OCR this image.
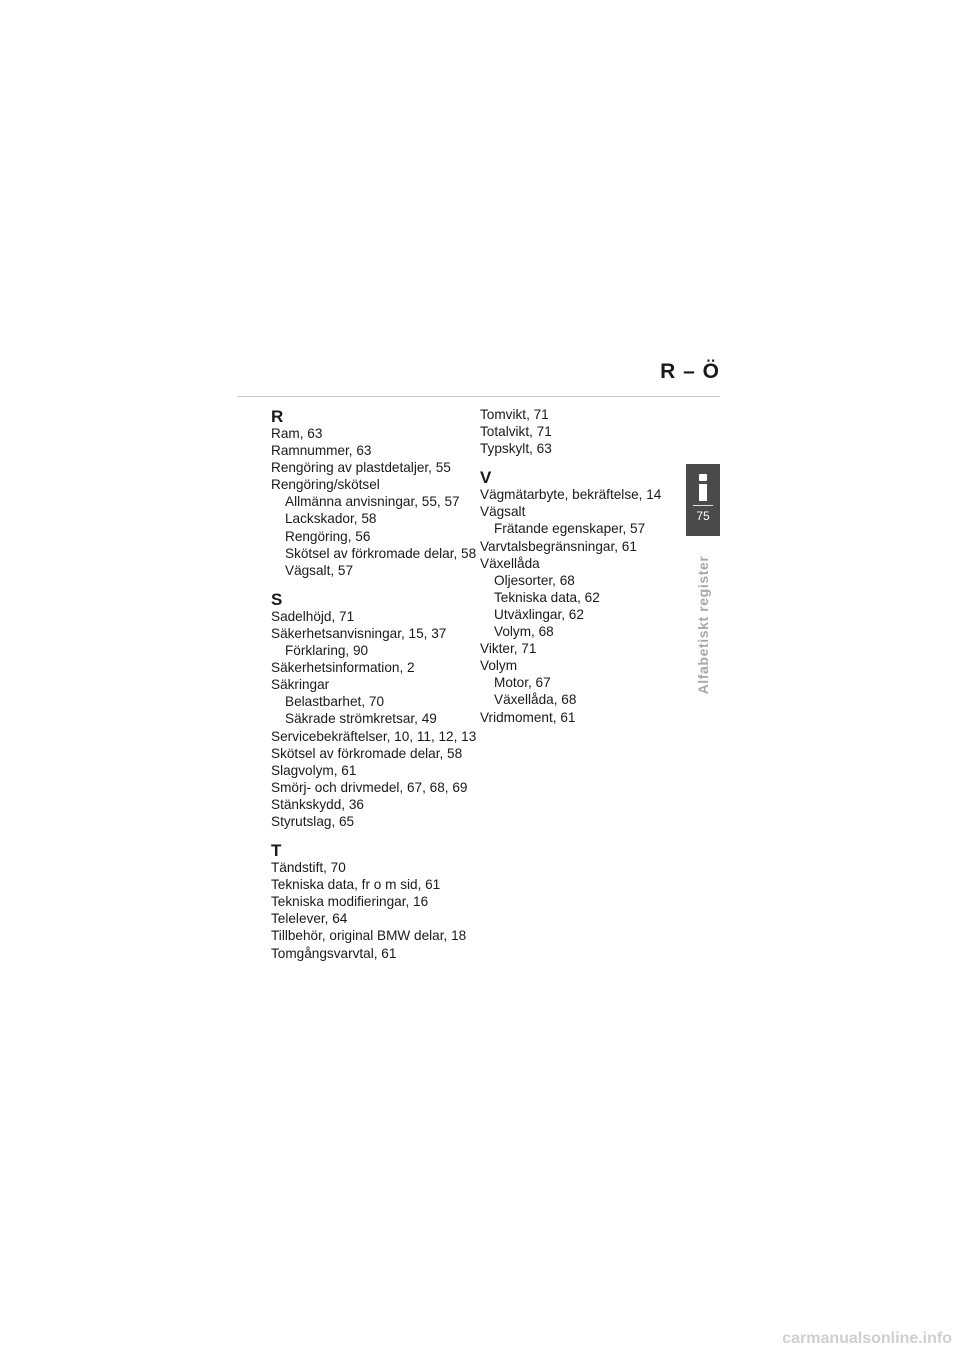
R – Ö
R
Ram, 63
Ramnummer, 63
Rengöring av plastdetaljer, 55
Rengöring/skötsel
Allmänna anvisningar, 55, 57
Lackskador, 58
Rengöring, 56
Skötsel av förkromade delar, 58
Vägsalt, 57
S
Sadelhöjd, 71
Säkerhetsanvisningar, 15, 37
Förklaring, 90
Säkerhetsinformation, 2
Säkringar
Belastbarhet, 70
Säkrade strömkretsar, 49
Servicebekräftelser, 10, 11, 12, 13
Skötsel av förkromade delar, 58
Slagvolym, 61
Smörj- och drivmedel, 67, 68, 69
Stänkskydd, 36
Styrutslag, 65
T
Tändstift, 70
Tekniska data, fr o m sid, 61
Tekniska modifieringar, 16
Telelever, 64
Tillbehör, original BMW delar, 18
Tomgångsvarvtal, 61
Tomvikt, 71
Totalvikt, 71
Typskylt, 63
V
Vägmätarbyte, bekräftelse, 14
Vägsalt
Frätande egenskaper, 57
Varvtalsbegränsningar, 61
Växellåda
Oljesorter, 68
Tekniska data, 62
Utväxlingar, 62
Volym, 68
Vikter, 71
Volym
Motor, 67
Växellåda, 68
Vridmoment, 61
75
Alfabetiskt register
carmanualsonline.info
